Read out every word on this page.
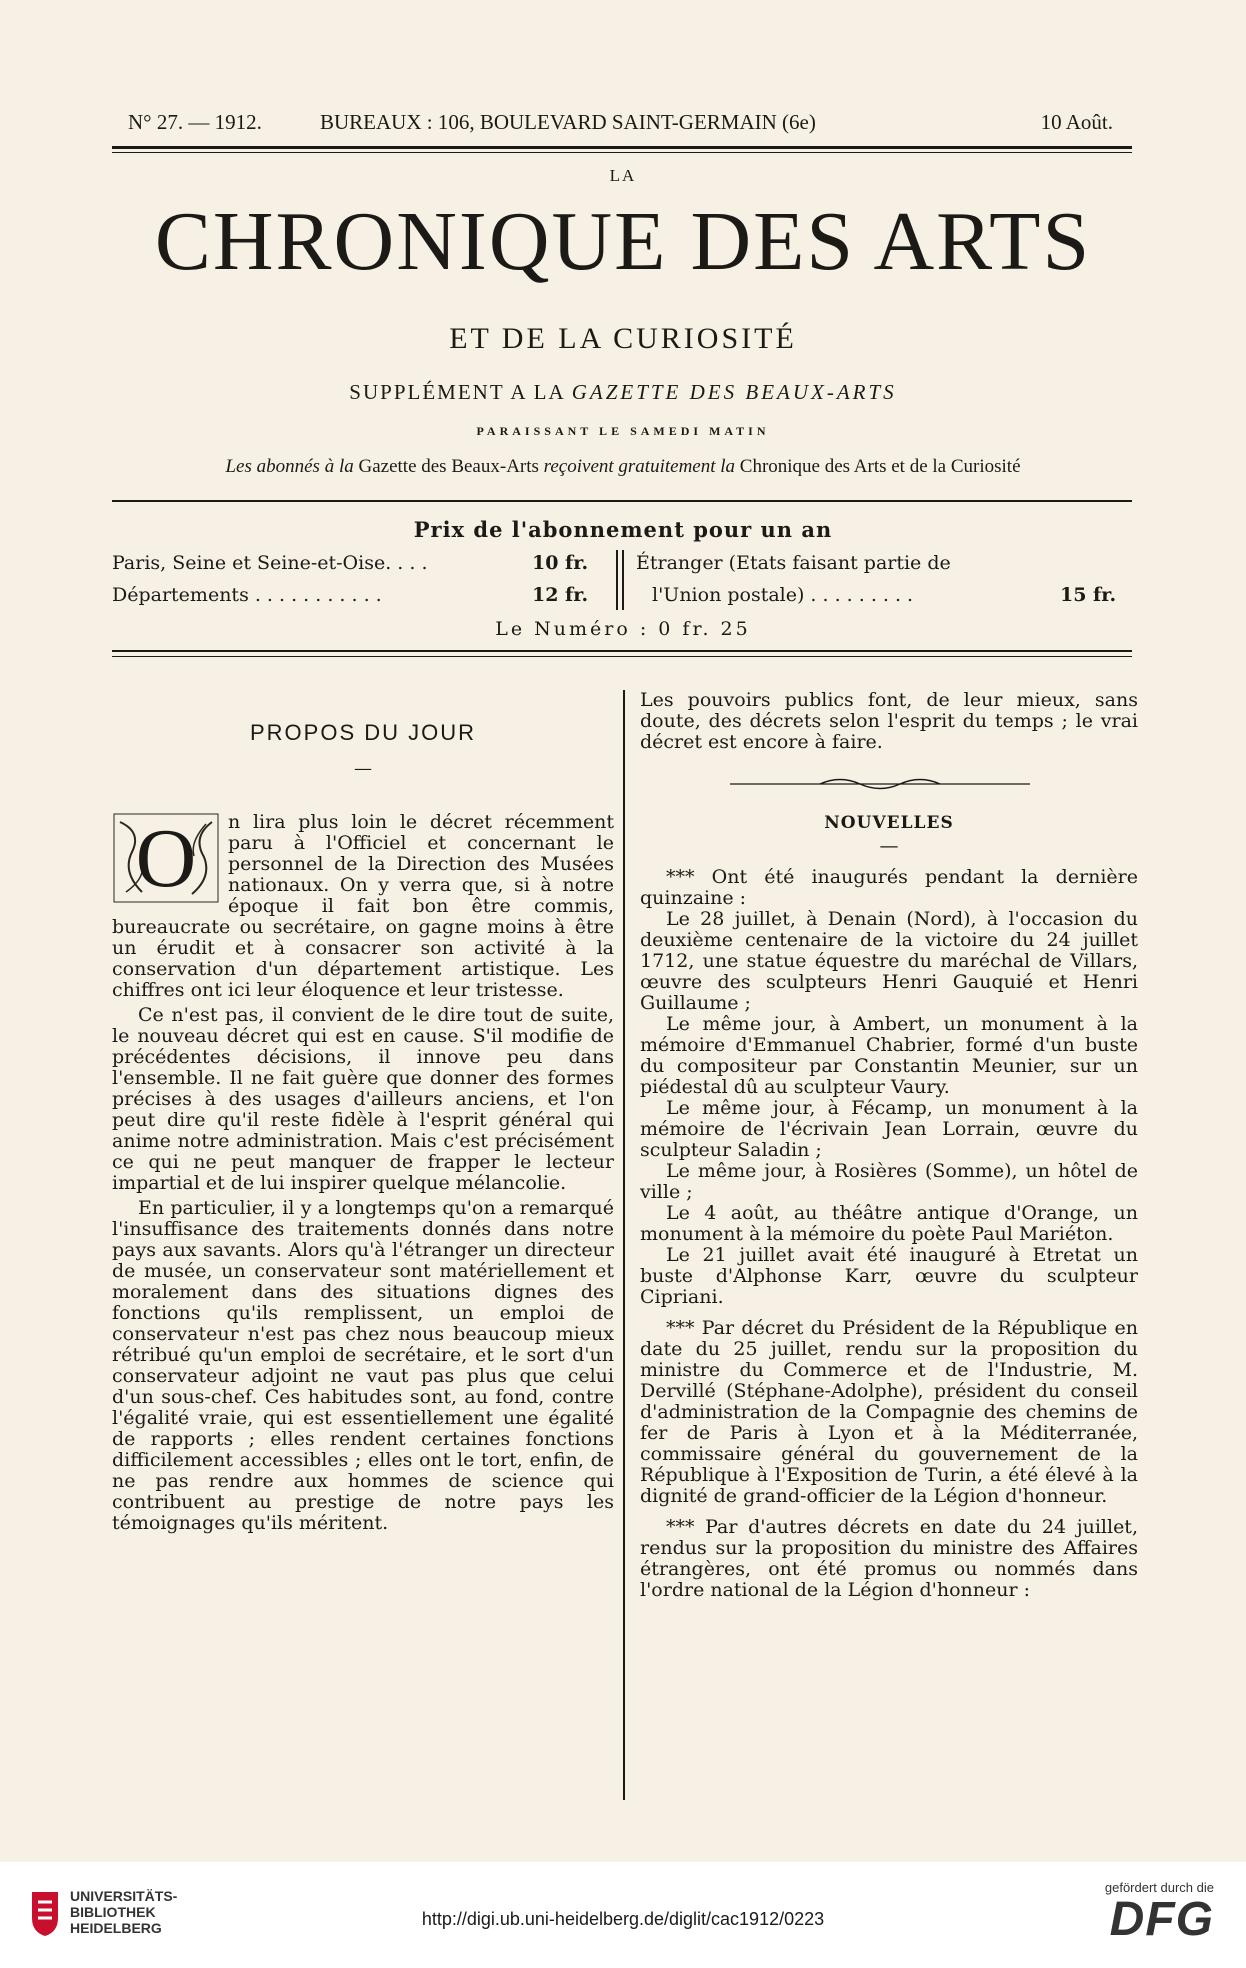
N° 27. — 1912.	BUREAUX : 106, BOULEVARD SAINT-GERMAIN (6e)	10 Août.
LA
CHRONIQUE DES ARTS
ET DE LA CURIOSITÉ
SUPPLÉMENT A LA GAZETTE DES BEAUX-ARTS
PARAISSANT LE SAMEDI MATIN
Les abonnés à la Gazette des Beaux-Arts reçoivent gratuitement la Chronique des Arts et de la Curiosité
Prix de l'abonnement pour un an
Paris, Seine et Seine-et-Oise. . . .	10 fr.
Départements . . . . . . . . . . .	12 fr.
Étranger (Etats faisant partie de
l'Union postale) . . . . . . . . .	15 fr.
Le Numéro : 0 fr. 25
PROPOS DU JOUR
—
O	n lira plus loin le décret récemment paru à l'Officiel et concernant le personnel de la Direction des Musées nationaux. On y verra que, si à notre époque il fait bon être commis, bureaucrate ou secrétaire, on gagne moins à être un érudit et à consacrer son activité à la conservation d'un département artistique. Les chiffres ont ici leur éloquence et leur tristesse.

Ce n'est pas, il convient de le dire tout de suite, le nouveau décret qui est en cause. S'il modifie de précédentes décisions, il innove peu dans l'ensemble. Il ne fait guère que donner des formes précises à des usages d'ailleurs anciens, et l'on peut dire qu'il reste fidèle à l'esprit général qui anime notre administration. Mais c'est précisément ce qui ne peut manquer de frapper le lecteur impartial et de lui inspirer quelque mélancolie.

En particulier, il y a longtemps qu'on a remarqué l'insuffisance des traitements donnés dans notre pays aux savants. Alors qu'à l'étranger un directeur de musée, un conservateur sont matériellement et moralement dans des situations dignes des fonctions qu'ils remplissent, un emploi de conservateur n'est pas chez nous beaucoup mieux rétribué qu'un emploi de secrétaire, et le sort d'un conservateur adjoint ne vaut pas plus que celui d'un sous-chef. Ces habitudes sont, au fond, contre l'égalité vraie, qui est essentiellement une égalité de rapports ; elles rendent certaines fonctions difficilement accessibles ; elles ont le tort, enfin, de ne pas rendre aux hommes de science qui contribuent au prestige de notre pays les témoignages qu'ils méritent.

Les pouvoirs publics font, de leur mieux, sans doute, des décrets selon l'esprit du temps ; le vrai décret est encore à faire.

NOUVELLES
—

*** Ont été inaugurés pendant la dernière quinzaine :

Le 28 juillet, à Denain (Nord), à l'occasion du deuxième centenaire de la victoire du 24 juillet 1712, une statue équestre du maréchal de Villars, œuvre des sculpteurs Henri Gauquié et Henri Guillaume ;

Le même jour, à Ambert, un monument à la mémoire d'Emmanuel Chabrier, formé d'un buste du compositeur par Constantin Meunier, sur un piédestal dû au sculpteur Vaury.

Le même jour, à Fécamp, un monument à la mémoire de l'écrivain Jean Lorrain, œuvre du sculpteur Saladin ;

Le même jour, à Rosières (Somme), un hôtel de ville ;

Le 4 août, au théâtre antique d'Orange, un monument à la mémoire du poète Paul Mariéton.

Le 21 juillet avait été inauguré à Etretat un buste d'Alphonse Karr, œuvre du sculpteur Cipriani.

*** Par décret du Président de la République en date du 25 juillet, rendu sur la proposition du ministre du Commerce et de l'Industrie, M. Dervillé (Stéphane-Adolphe), président du conseil d'administration de la Compagnie des chemins de fer de Paris à Lyon et à la Méditerranée, commissaire général du gouvernement de la République à l'Exposition de Turin, a été élevé à la dignité de grand-officier de la Légion d'honneur.

*** Par d'autres décrets en date du 24 juillet, rendus sur la proposition du ministre des Affaires étrangères, ont été promus ou nommés dans l'ordre national de la Légion d'honneur :

UNIVERSITÄTS-
BIBLIOTHEK
HEIDELBERG	http://digi.ub.uni-heidelberg.de/diglit/cac1912/0223
gefördert durch die
DFG
